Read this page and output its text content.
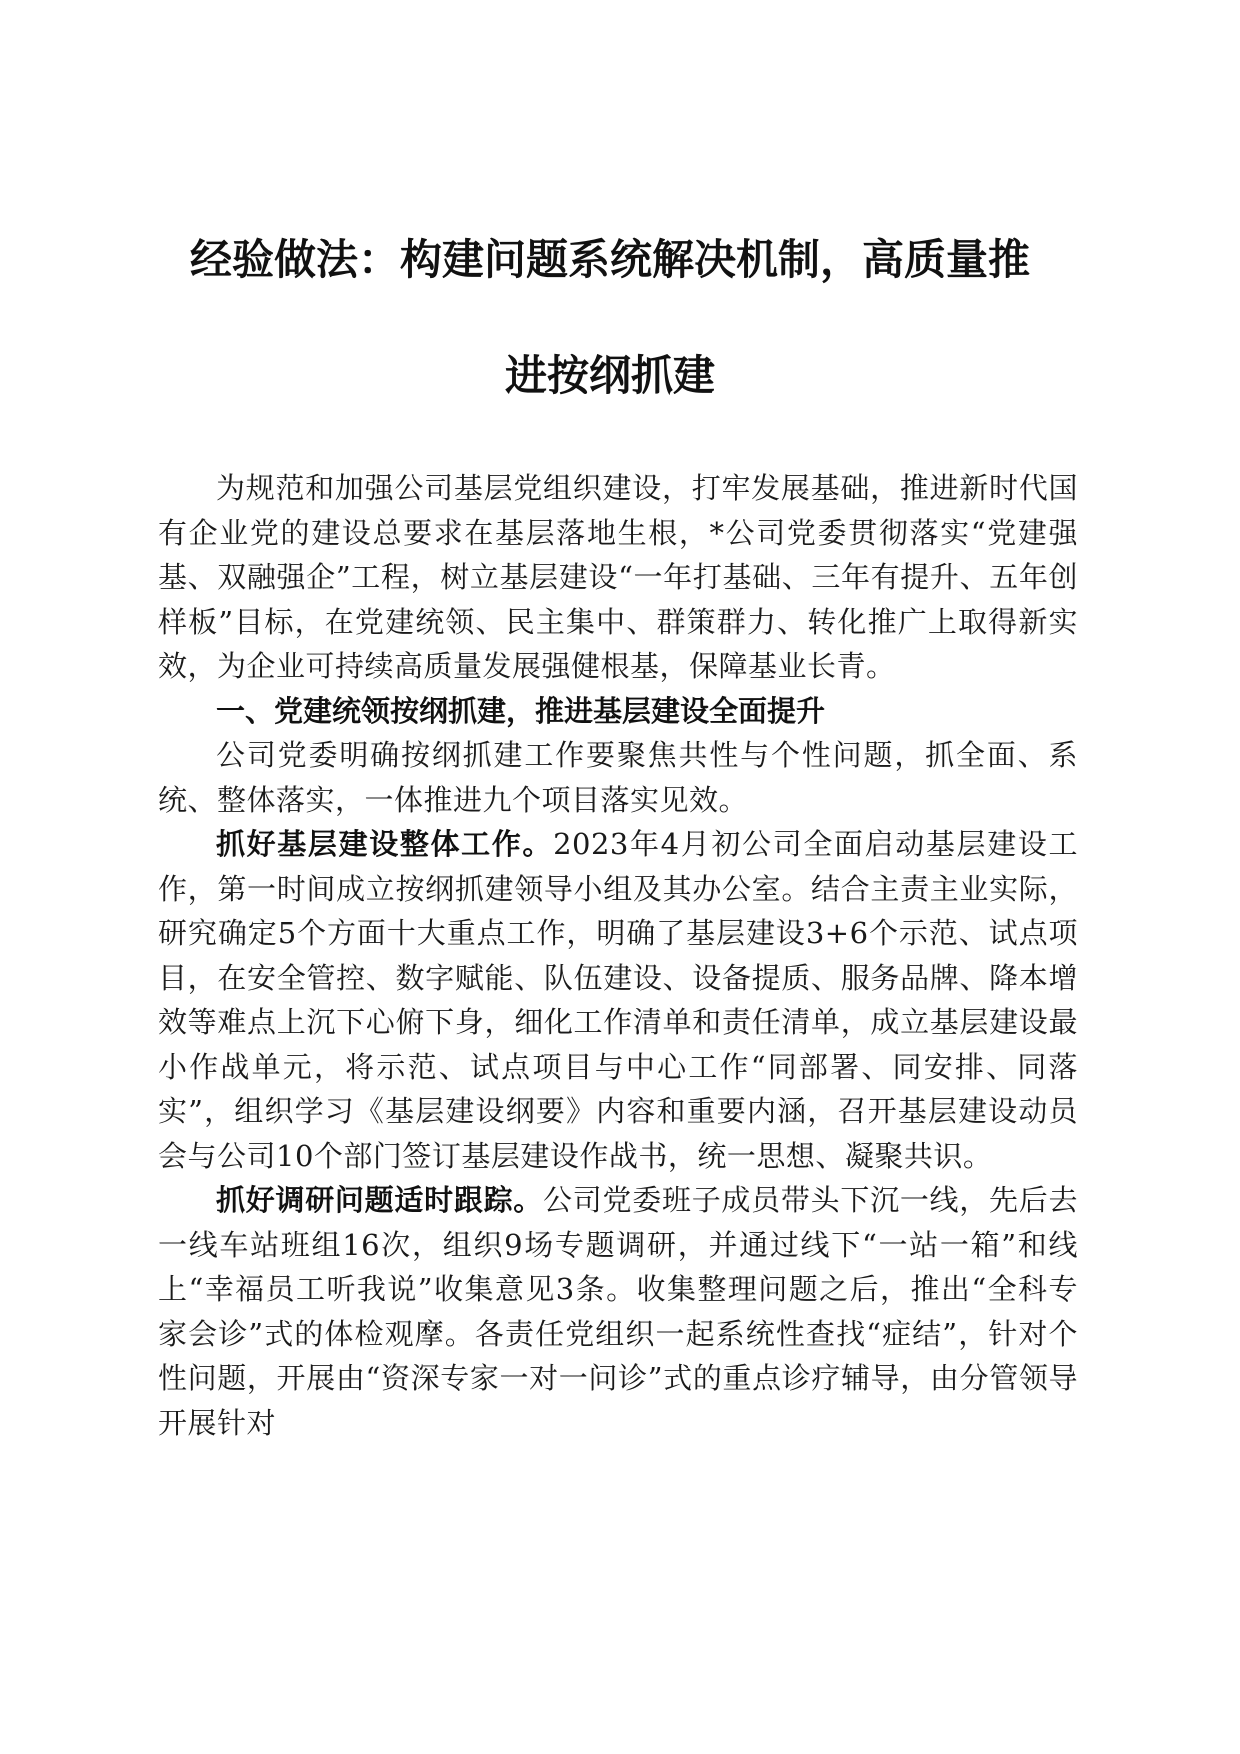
经验做法：构建问题系统解决机制，高质量推
进按纲抓建

为规范和加强公司基层党组织建设，打牢发展基础，推进新时代国有企业党的建设总要求在基层落地生根，*公司党委贯彻落实“党建强基、双融强企”工程，树立基层建设“一年打基础、三年有提升、五年创样板”目标，在党建统领、民主集中、群策群力、转化推广上取得新实效，为企业可持续高质量发展强健根基，保障基业长青。

一、党建统领按纲抓建，推进基层建设全面提升

公司党委明确按纲抓建工作要聚焦共性与个性问题，抓全面、系统、整体落实，一体推进九个项目落实见效。

抓好基层建设整体工作。2023年4月初公司全面启动基层建设工作，第一时间成立按纲抓建领导小组及其办公室。结合主责主业实际，研究确定5个方面十大重点工作，明确了基层建设3+6个示范、试点项目，在安全管控、数字赋能、队伍建设、设备提质、服务品牌、降本增效等难点上沉下心俯下身，细化工作清单和责任清单，成立基层建设最小作战单元，将示范、试点项目与中心工作“同部署、同安排、同落实”，组织学习《基层建设纲要》内容和重要内涵，召开基层建设动员会与公司10个部门签订基层建设作战书，统一思想、凝聚共识。

抓好调研问题适时跟踪。公司党委班子成员带头下沉一线，先后去一线车站班组16次，组织9场专题调研，并通过线下“一站一箱”和线上“幸福员工听我说”收集意见3条。收集整理问题之后，推出“全科专家会诊”式的体检观摩。各责任党组织一起系统性查找“症结”，针对个性问题，开展由“资深专家一对一问诊”式的重点诊疗辅导，由分管领导开展针对
